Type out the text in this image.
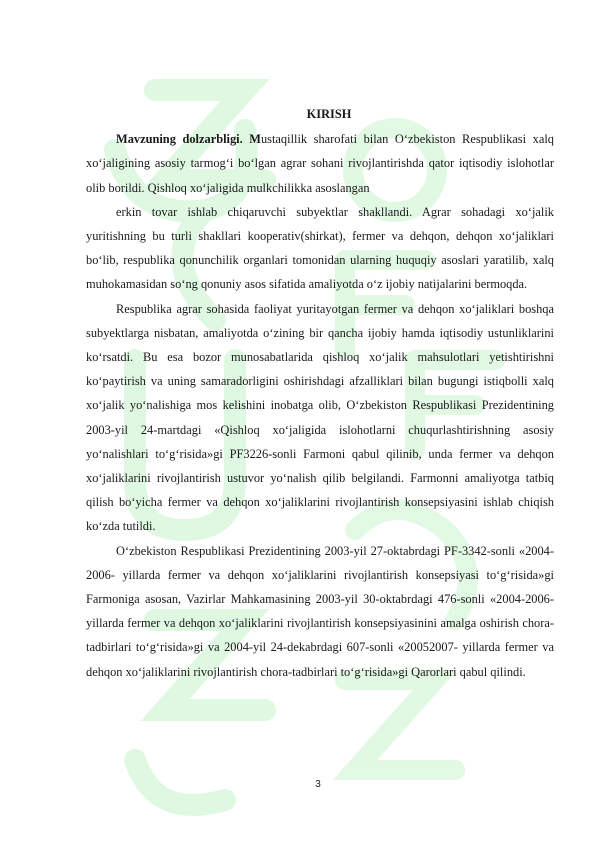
KIRISH

Mavzuning dolzarbligi. Mustaqillik sharofati bilan O‘zbekiston Respublikasi xalq xo‘jaligining asosiy tarmog‘i bo‘lgan agrar sohani rivojlantirishda qator iqtisodiy islohotlar olib borildi. Qishloq xo‘jaligida mulkchilikka asoslangan

erkin tovar ishlab chiqaruvchi subyektlar shakllandi. Agrar sohadagi xo‘jalik yuritishning bu turli shakllari kooperativ(shirkat), fermer va dehqon, dehqon xo‘jaliklari bo‘lib, respublika qonunchilik organlari tomonidan ularning huquqiy asoslari yaratilib, xalq muhokamasidan so‘ng qonuniy asos sifatida amaliyotda o‘z ijobiy natijalarini bermoqda.

Respublika agrar sohasida faoliyat yuritayotgan fermer va dehqon xo‘jaliklari boshqa subyektlarga nisbatan, amaliyotda o‘zining bir qancha ijobiy hamda iqtisodiy ustunliklarini ko‘rsatdi. Bu esa bozor munosabatlarida qishloq xo‘jalik mahsulotlari yetishtirishni ko‘paytirish va uning samaradorligini oshirishdagi afzalliklari bilan bugungi istiqbolli xalq xo‘jalik yo‘nalishiga mos kelishini inobatga olib, O‘zbekiston Respublikasi Prezidentining 2003-yil 24-martdagi «Qishloq xo‘jaligida islohotlarni chuqurlashtirishning asosiy yo‘nalishlari to‘g‘risida»gi PF3226-sonli Farmoni qabul qilinib, unda fermer va dehqon xo‘jaliklarini rivojlantirish ustuvor yo‘nalish qilib belgilandi. Farmonni amaliyotga tatbiq qilish bo‘yicha fermer va dehqon xo‘jaliklarini rivojlantirish konsepsiyasini ishlab chiqish ko‘zda tutildi.

O‘zbekiston Respublikasi Prezidentining 2003-yil 27-oktabrdagi PF-3342-sonli «2004-2006- yillarda fermer va dehqon xo‘jaliklarini rivojlantirish konsepsiyasi to‘g‘risida»gi Farmoniga asosan, Vazirlar Mahkamasining 2003-yil 30-oktabrdagi 476-sonli «2004-2006- yillarda fermer va dehqon xo‘jaliklarini rivojlantirish konsepsiyasinini amalga oshirish chora-tadbirlari to‘g‘risida»gi va 2004-yil 24-dekabrdagi 607-sonli «20052007- yillarda fermer va dehqon xo‘jaliklarini rivojlantirish chora-tadbirlari to‘g‘risida»gi Qarorlari qabul qilindi.

3
